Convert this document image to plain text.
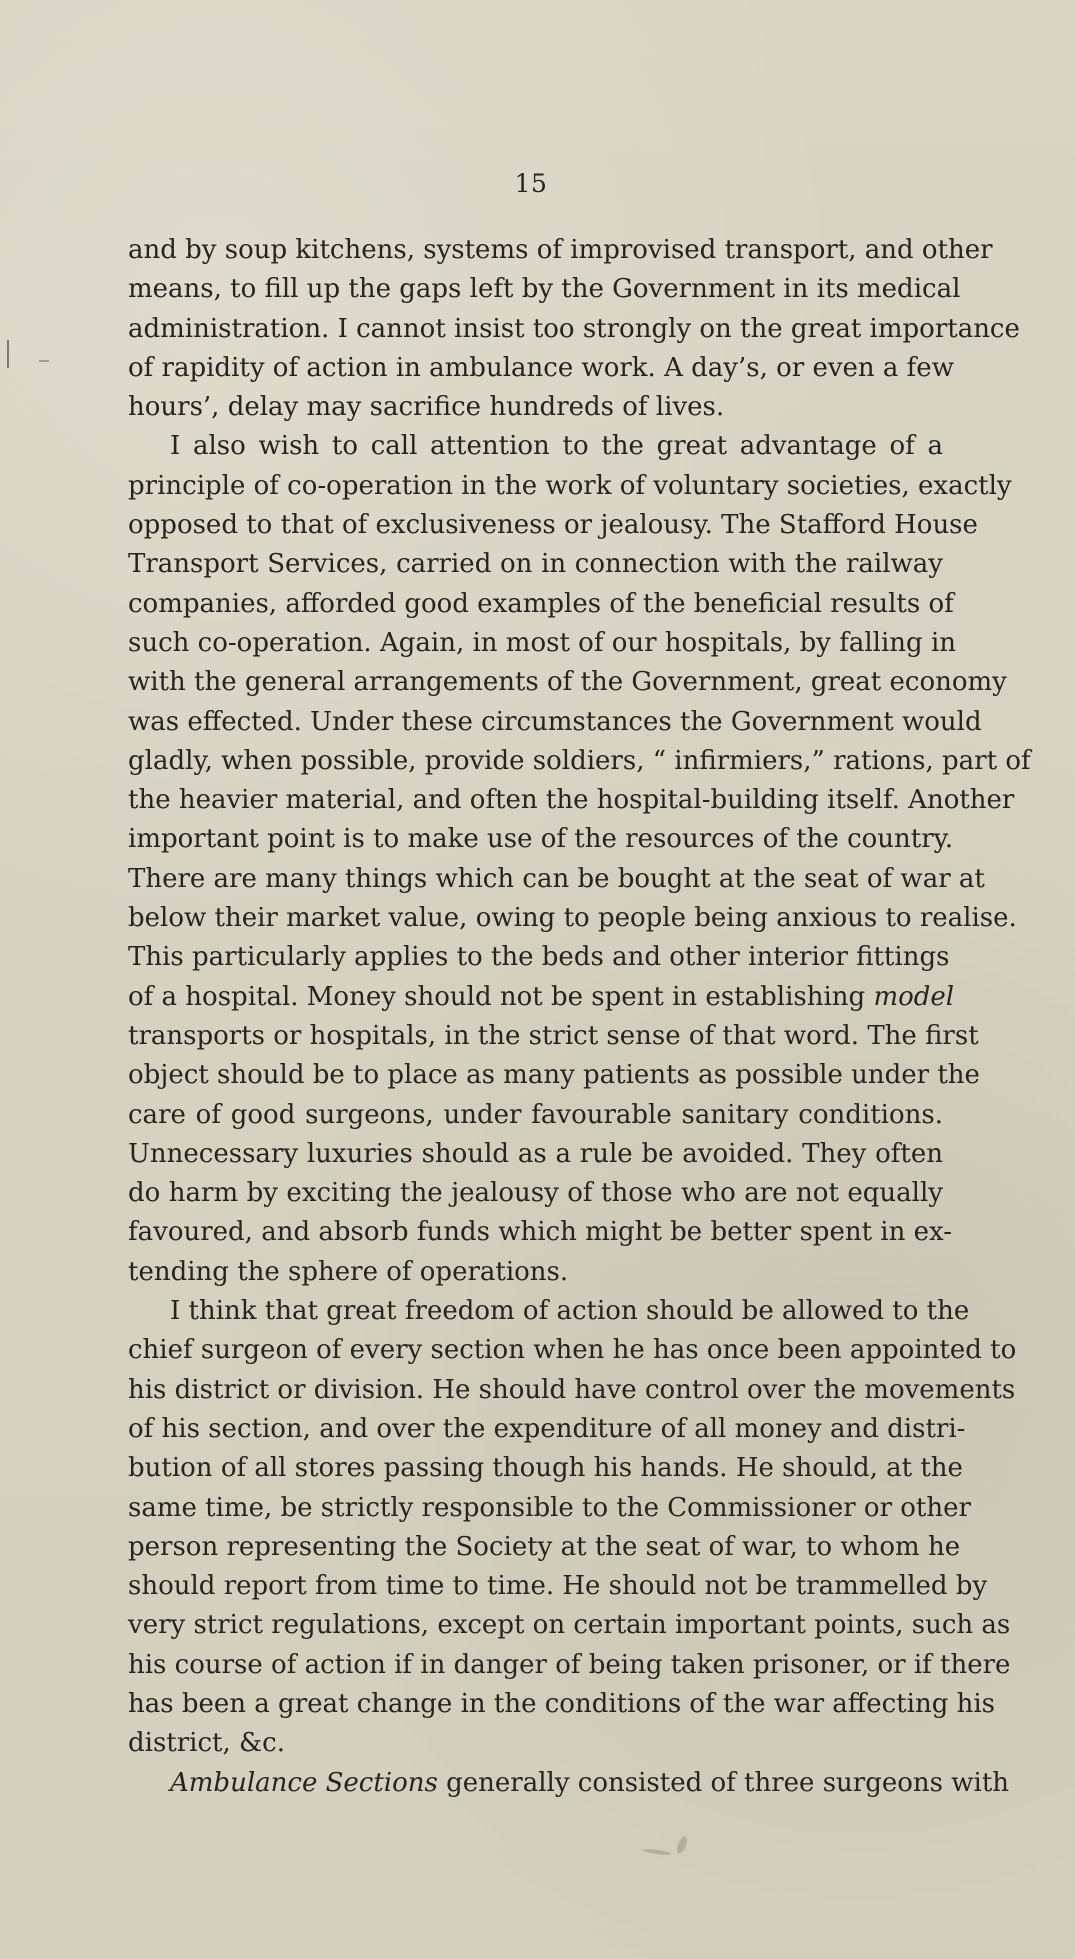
15
and by soup kitchens, systems of improvised transport, and other
means, to fill up the gaps left by the Government in its medical
administration. I cannot insist too strongly on the great importance
of rapidity of action in ambulance work. A day’s, or even a few
hours’, delay may sacrifice hundreds of lives.
I also wish to call attention to the great advantage of a
principle of co-operation in the work of voluntary societies, exactly
opposed to that of exclusiveness or jealousy. The Stafford House
Transport Services, carried on in connection with the railway
companies, afforded good examples of the beneficial results of
such co-operation. Again, in most of our hospitals, by falling in
with the general arrangements of the Government, great economy
was effected. Under these circumstances the Government would
gladly, when possible, provide soldiers, “ infirmiers,” rations, part of
the heavier material, and often the hospital-building itself. Another
important point is to make use of the resources of the country.
There are many things which can be bought at the seat of war at
below their market value, owing to people being anxious to realise.
This particularly applies to the beds and other interior fittings
of a hospital. Money should not be spent in establishing model
transports or hospitals, in the strict sense of that word. The first
object should be to place as many patients as possible under the
care of good surgeons, under favourable sanitary conditions.
Unnecessary luxuries should as a rule be avoided. They often
do harm by exciting the jealousy of those who are not equally
favoured, and absorb funds which might be better spent in ex-
tending the sphere of operations.
I think that great freedom of action should be allowed to the
chief surgeon of every section when he has once been appointed to
his district or division. He should have control over the movements
of his section, and over the expenditure of all money and distri-
bution of all stores passing though his hands. He should, at the
same time, be strictly responsible to the Commissioner or other
person representing the Society at the seat of war, to whom he
should report from time to time. He should not be trammelled by
very strict regulations, except on certain important points, such as
his course of action if in danger of being taken prisoner, or if there
has been a great change in the conditions of the war affecting his
district, &c.
Ambulance Sections generally consisted of three surgeons with
